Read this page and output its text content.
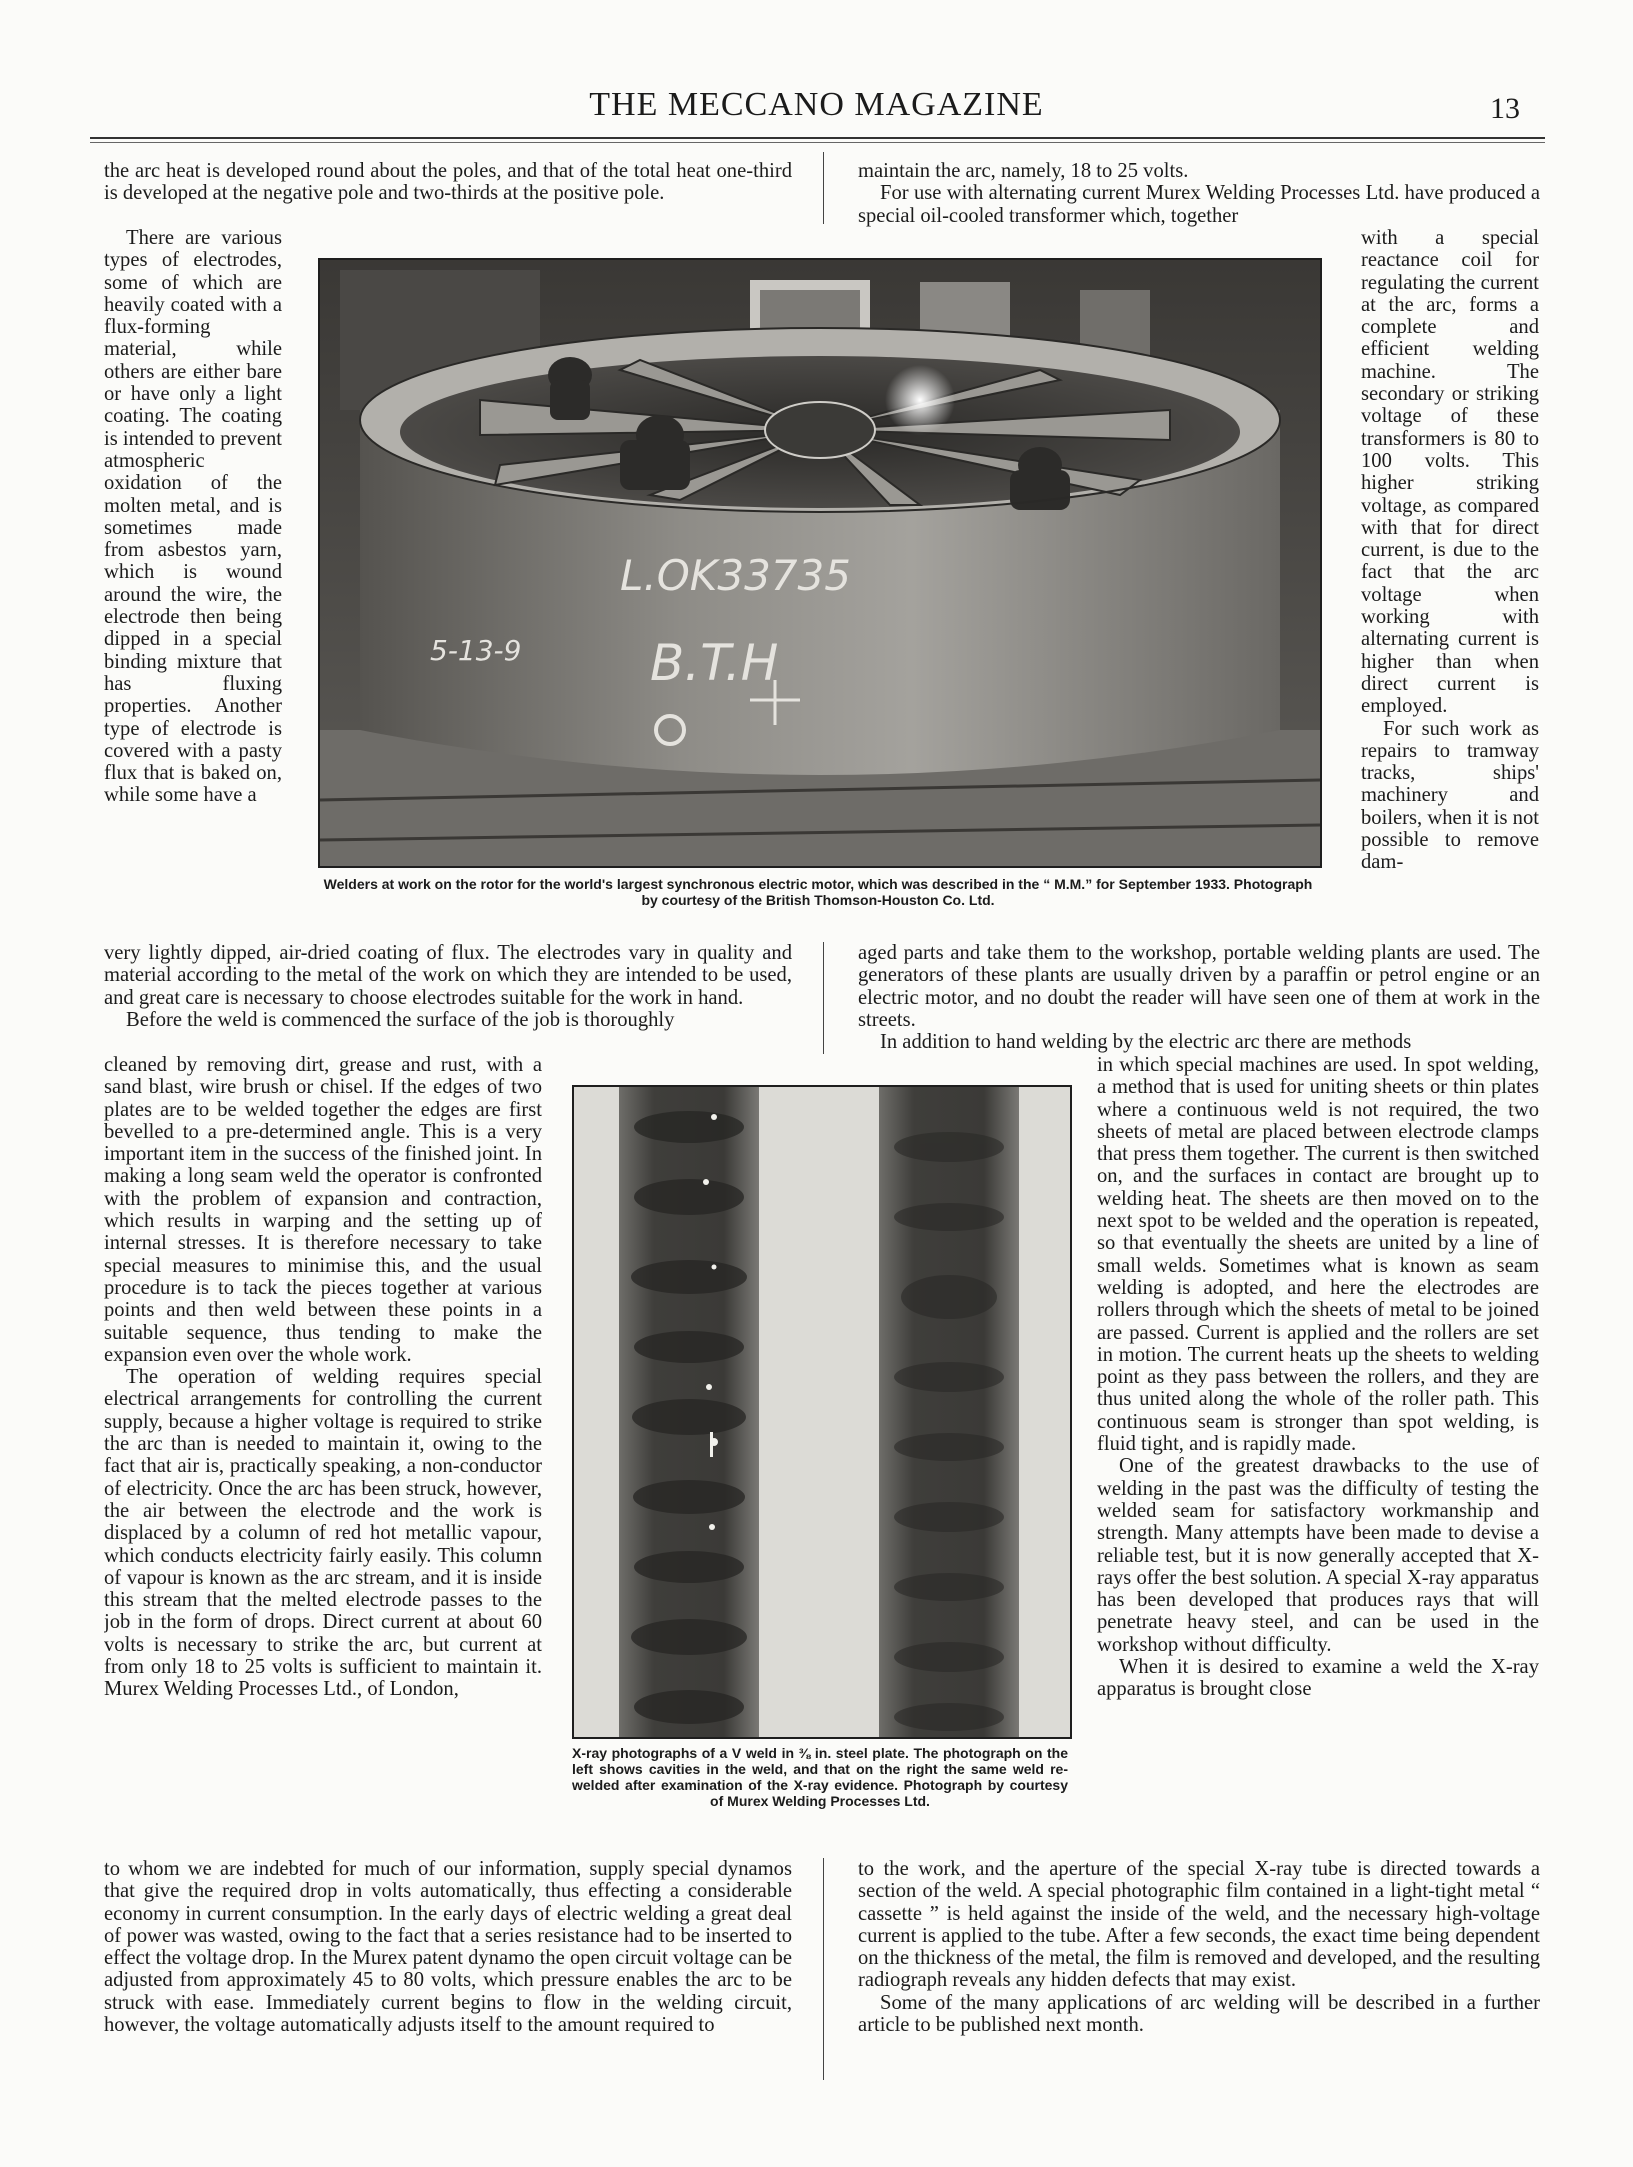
THE MECCANO MAGAZINE	13

the arc heat is developed round about the poles, and that of the total heat one-third is developed at the negative pole and two-thirds at the positive pole.

There are various types of electrodes, some of which are heavily coated with a flux-forming material, while others are either bare or have only a light coating. The coating is intended to prevent atmospheric oxidation of the molten metal, and is sometimes made from asbestos yarn, which is wound around the wire, the electrode then being dipped in a special binding mixture that has fluxing properties. Another type of electrode is covered with a pasty flux that is baked on, while some have a

very lightly dipped, air-dried coating of flux. The electrodes vary in quality and material according to the metal of the work on which they are intended to be used, and great care is necessary to choose electrodes suitable for the work in hand.

Before the weld is commenced the surface of the job is thoroughly

cleaned by removing dirt, grease and rust, with a sand blast, wire brush or chisel. If the edges of two plates are to be welded together the edges are first bevelled to a pre-determined angle. This is a very important item in the success of the finished joint. In making a long seam weld the operator is confronted with the problem of expansion and contraction, which results in warping and the setting up of internal stresses. It is therefore necessary to take special measures to minimise this, and the usual procedure is to tack the pieces together at various points and then weld between these points in a suitable sequence, thus tending to make the expansion even over the whole work.

The operation of welding requires special electrical arrangements for controlling the current supply, because a higher voltage is required to strike the arc than is needed to maintain it, owing to the fact that air is, practically speaking, a non-conductor of electricity. Once the arc has been struck, however, the air between the electrode and the work is displaced by a column of red hot metallic vapour, which conducts electricity fairly easily. This column of vapour is known as the arc stream, and it is inside this stream that the melted electrode passes to the job in the form of drops. Direct current at about 60 volts is necessary to strike the arc, but current at from only 18 to 25 volts is sufficient to maintain it. Murex Welding Processes Ltd., of London,

to whom we are indebted for much of our information, supply special dynamos that give the required drop in volts automatically, thus effecting a considerable economy in current consumption. In the early days of electric welding a great deal of power was wasted, owing to the fact that a series resistance had to be inserted to effect the voltage drop. In the Murex patent dynamo the open circuit voltage can be adjusted from approximately 45 to 80 volts, which pressure enables the arc to be struck with ease. Immediately current begins to flow in the welding circuit, however, the voltage automatically adjusts itself to the amount required to

maintain the arc, namely, 18 to 25 volts.

For use with alternating current Murex Welding Processes Ltd. have produced a special oil-cooled transformer which, together

with a special reactance coil for regulating the current at the arc, forms a complete and efficient welding machine. The secondary or striking voltage of these transformers is 80 to 100 volts. This higher striking voltage, as compared with that for direct current, is due to the fact that the arc voltage when working with alternating current is higher than when direct current is employed.

For such work as repairs to tramway tracks, ships' machinery and boilers, when it is not possible to remove dam-

aged parts and take them to the workshop, portable welding plants are used. The generators of these plants are usually driven by a paraffin or petrol engine or an electric motor, and no doubt the reader will have seen one of them at work in the streets.

In addition to hand welding by the electric arc there are methods

in which special machines are used. In spot welding, a method that is used for uniting sheets or thin plates where a continuous weld is not required, the two sheets of metal are placed between electrode clamps that press them together. The current is then switched on, and the surfaces in contact are brought up to welding heat. The sheets are then moved on to the next spot to be welded and the operation is repeated, so that eventually the sheets are united by a line of small welds. Sometimes what is known as seam welding is adopted, and here the electrodes are rollers through which the sheets of metal to be joined are passed. Current is applied and the rollers are set in motion. The current heats up the sheets to welding point as they pass between the rollers, and they are thus united along the whole of the roller path. This continuous seam is stronger than spot welding, is fluid tight, and is rapidly made.

One of the greatest drawbacks to the use of welding in the past was the difficulty of testing the welded seam for satisfactory workmanship and strength. Many attempts have been made to devise a reliable test, but it is now generally accepted that X-rays offer the best solution. A special X-ray apparatus has been developed that produces rays that will penetrate heavy steel, and can be used in the workshop without difficulty.

When it is desired to examine a weld the X-ray apparatus is brought close

to the work, and the aperture of the special X-ray tube is directed towards a section of the weld. A special photographic film contained in a light-tight metal “ cassette ” is held against the inside of the weld, and the necessary high-voltage current is applied to the tube. After a few seconds, the exact time being dependent on the thickness of the metal, the film is removed and developed, and the resulting radiograph reveals any hidden defects that may exist.

Some of the many applications of arc welding will be described in a further article to be published next month.

L.OK33735
B.T.H
5-13-9
Welders at work on the rotor for the world's largest synchronous electric motor, which was described in the “ M.M.” for September 1933. Photograph by courtesy of the British Thomson-Houston Co. Ltd.
X-ray photographs of a V weld in ⅜ in. steel plate. The photograph on the left shows cavities in the weld, and that on the right the same weld re-welded after examination of the X-ray evidence. Photograph by courtesy of Murex Welding Processes Ltd.
